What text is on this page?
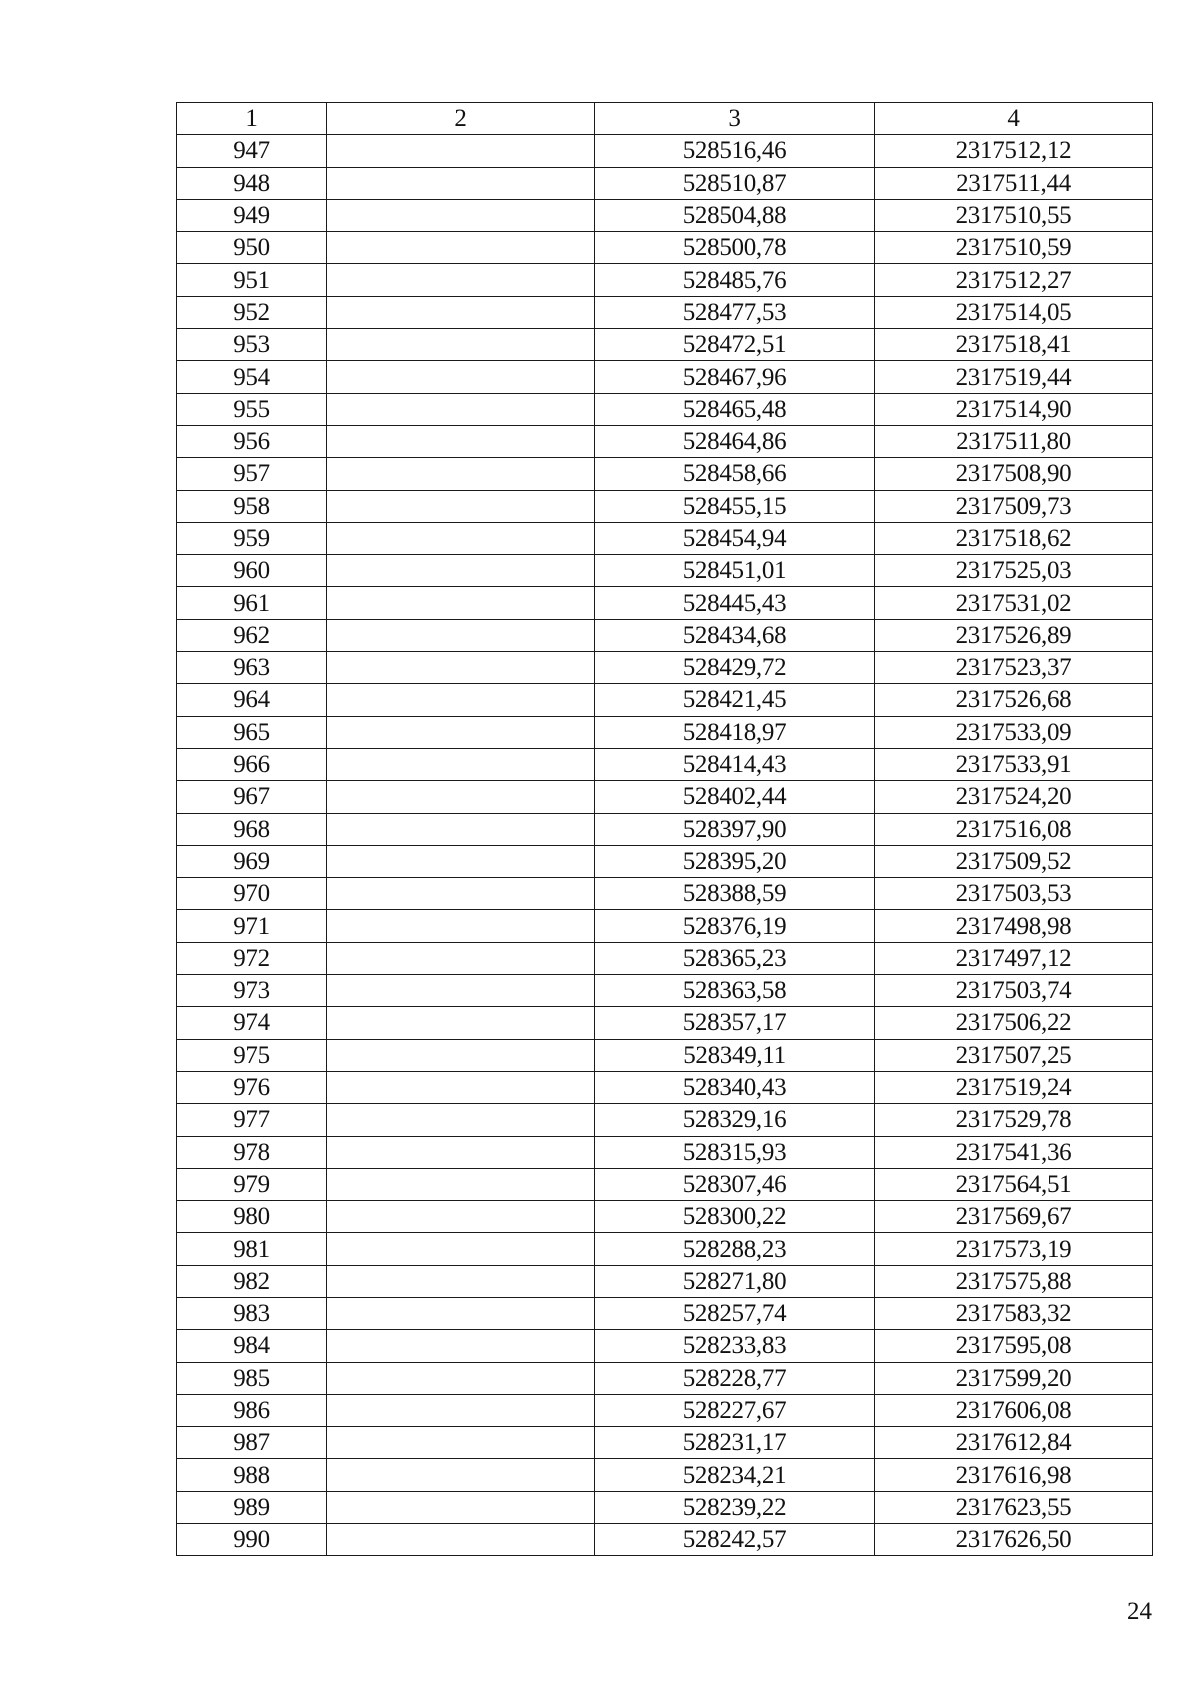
1	2	3	4
947		528516,46	2317512,12
948		528510,87	2317511,44
949		528504,88	2317510,55
950		528500,78	2317510,59
951		528485,76	2317512,27
952		528477,53	2317514,05
953		528472,51	2317518,41
954		528467,96	2317519,44
955		528465,48	2317514,90
956		528464,86	2317511,80
957		528458,66	2317508,90
958		528455,15	2317509,73
959		528454,94	2317518,62
960		528451,01	2317525,03
961		528445,43	2317531,02
962		528434,68	2317526,89
963		528429,72	2317523,37
964		528421,45	2317526,68
965		528418,97	2317533,09
966		528414,43	2317533,91
967		528402,44	2317524,20
968		528397,90	2317516,08
969		528395,20	2317509,52
970		528388,59	2317503,53
971		528376,19	2317498,98
972		528365,23	2317497,12
973		528363,58	2317503,74
974		528357,17	2317506,22
975		528349,11	2317507,25
976		528340,43	2317519,24
977		528329,16	2317529,78
978		528315,93	2317541,36
979		528307,46	2317564,51
980		528300,22	2317569,67
981		528288,23	2317573,19
982		528271,80	2317575,88
983		528257,74	2317583,32
984		528233,83	2317595,08
985		528228,77	2317599,20
986		528227,67	2317606,08
987		528231,17	2317612,84
988		528234,21	2317616,98
989		528239,22	2317623,55
990		528242,57	2317626,50
24
